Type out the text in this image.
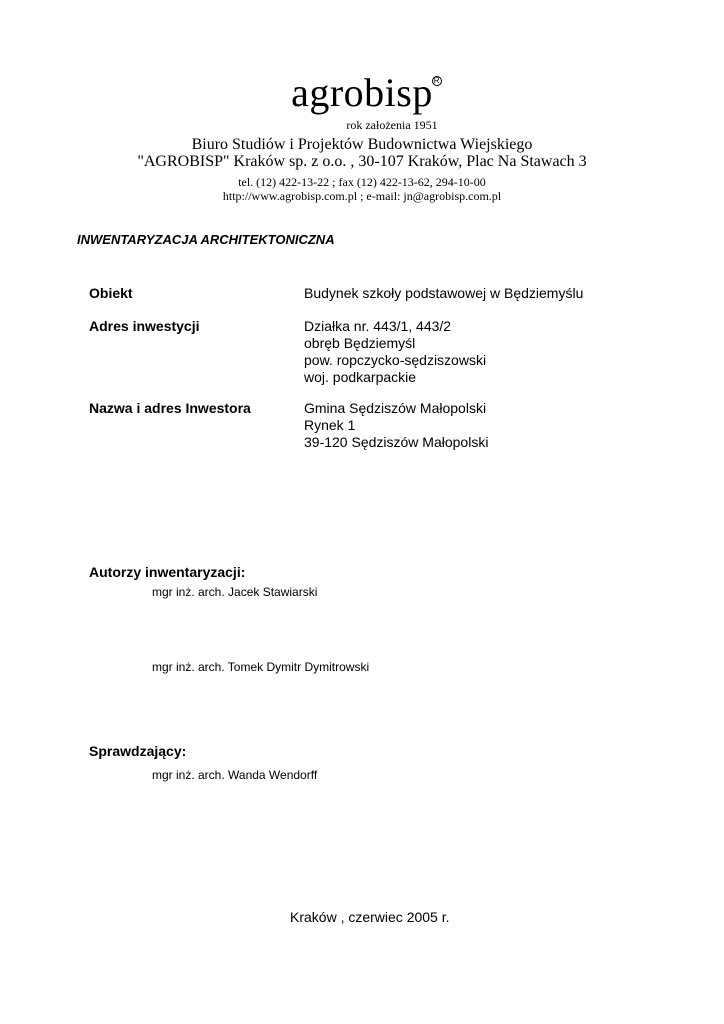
agrobisp R
rok założenia 1951
Biuro Studiów i Projektów Budownictwa Wiejskiego
"AGROBISP" Kraków sp. z o.o. , 30-107 Kraków, Plac Na Stawach 3
tel. (12) 422-13-22 ; fax (12) 422-13-62, 294-10-00
http://www.agrobisp.com.pl ; e-mail: jn@agrobisp.com.pl
INWENTARYZACJA ARCHITEKTONICZNA
Obiekt	Budynek szkoły podstawowej w Będziemyślu
Adres inwestycji	Działka nr. 443/1, 443/2
obręb Będziemyśl
pow. ropczycko-sędziszowski
woj. podkarpackie
Nazwa i adres Inwestora	Gmina Sędziszów Małopolski
Rynek 1
39-120 Sędziszów Małopolski
Autorzy inwentaryzacji:
mgr inż. arch. Jacek Stawiarski
mgr inż. arch. Tomek Dymitr Dymitrowski
Sprawdzający:
mgr inż. arch. Wanda Wendorff
Kraków , czerwiec 2005 r.
